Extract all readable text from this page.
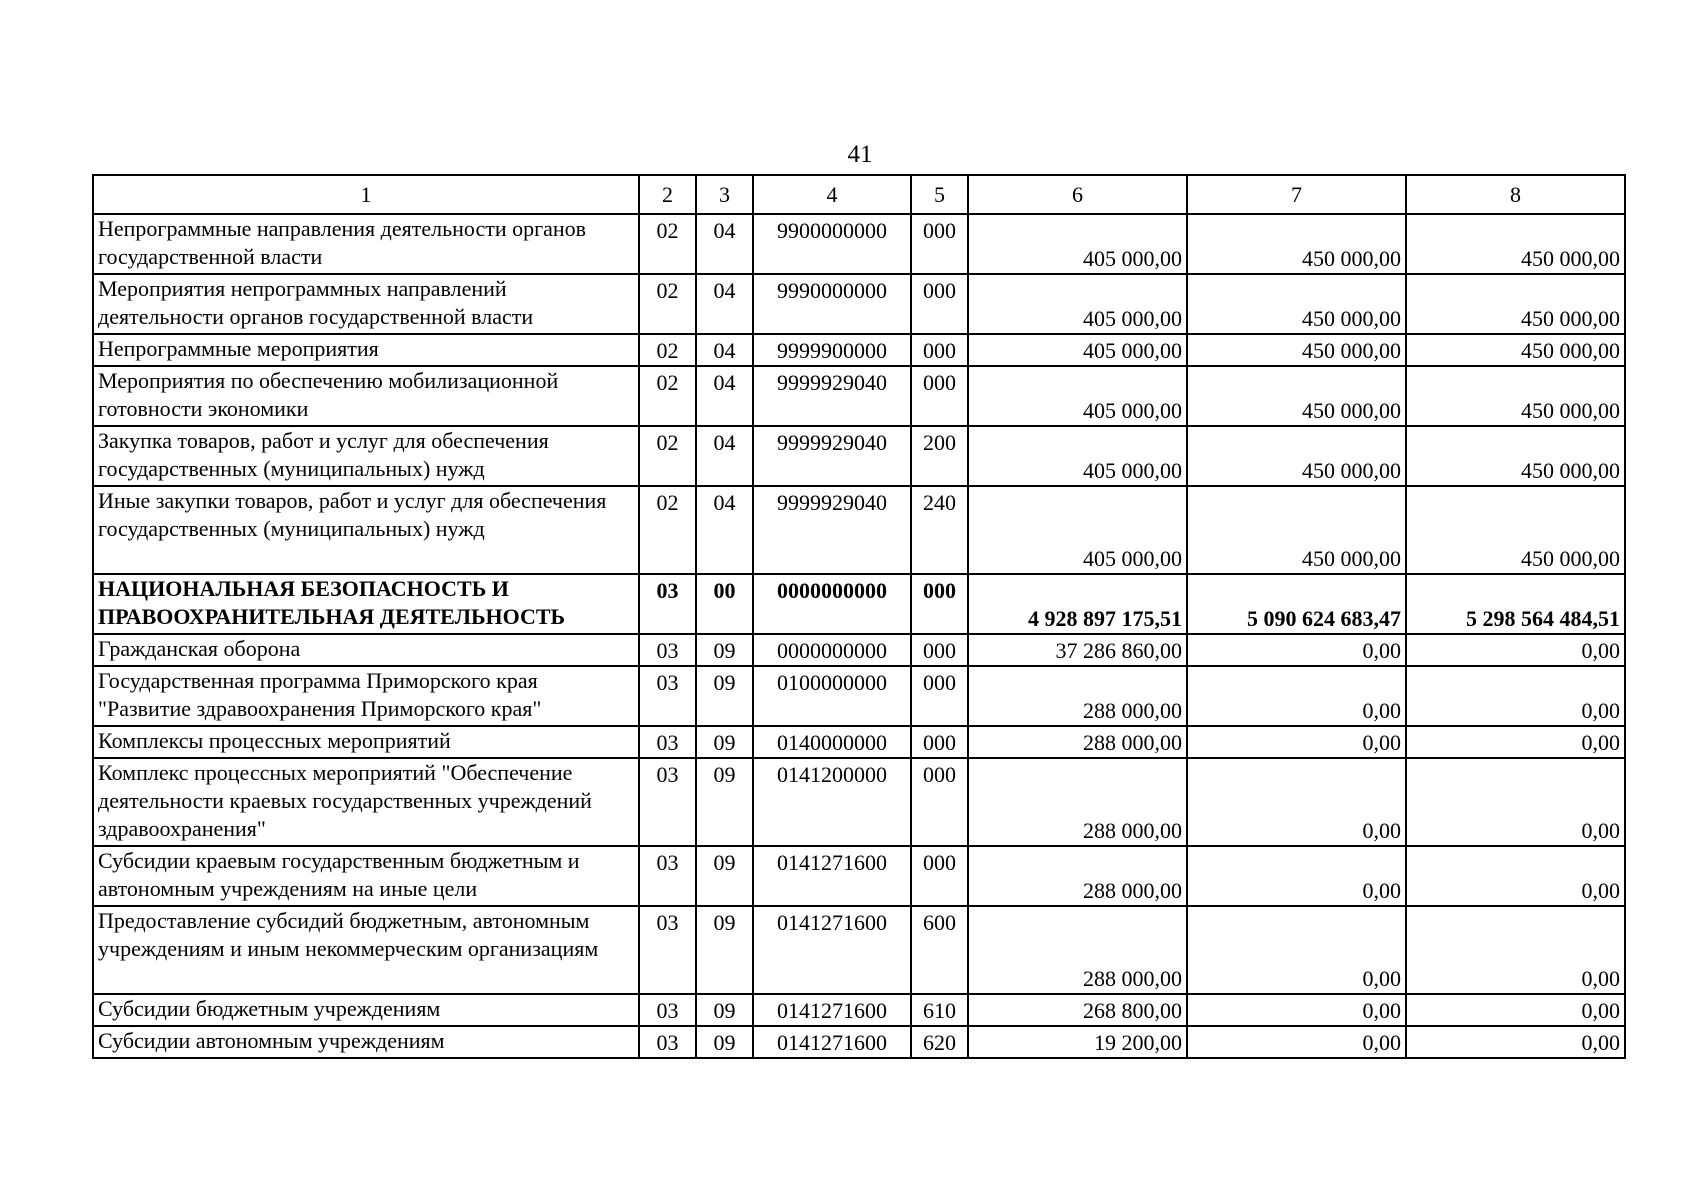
41
1	2	3	4	5	6	7	8
Непрограммные направления деятельности органов государственной власти	02	04	9900000000	000	405 000,00	450 000,00	450 000,00
Мероприятия непрограммных направлений деятельности органов государственной власти	02	04	9990000000	000	405 000,00	450 000,00	450 000,00
Непрограммные мероприятия	02	04	9999900000	000	405 000,00	450 000,00	450 000,00
Мероприятия по обеспечению мобилизационной готовности экономики	02	04	9999929040	000	405 000,00	450 000,00	450 000,00
Закупка товаров, работ и услуг для обеспечения государственных (муниципальных) нужд	02	04	9999929040	200	405 000,00	450 000,00	450 000,00
Иные закупки товаров, работ и услуг для обеспечения государственных (муниципальных) нужд	02	04	9999929040	240	405 000,00	450 000,00	450 000,00
НАЦИОНАЛЬНАЯ БЕЗОПАСНОСТЬ И ПРАВООХРАНИТЕЛЬНАЯ ДЕЯТЕЛЬНОСТЬ	03	00	0000000000	000	4 928 897 175,51	5 090 624 683,47	5 298 564 484,51
Гражданская оборона	03	09	0000000000	000	37 286 860,00	0,00	0,00
Государственная программа Приморского края "Развитие здравоохранения Приморского края"	03	09	0100000000	000	288 000,00	0,00	0,00
Комплексы процессных мероприятий	03	09	0140000000	000	288 000,00	0,00	0,00
Комплекс процессных мероприятий "Обеспечение деятельности краевых государственных учреждений здравоохранения"	03	09	0141200000	000	288 000,00	0,00	0,00
Субсидии краевым государственным бюджетным и автономным учреждениям на иные цели	03	09	0141271600	000	288 000,00	0,00	0,00
Предоставление субсидий бюджетным, автономным учреждениям и иным некоммерческим организациям	03	09	0141271600	600	288 000,00	0,00	0,00
Субсидии бюджетным учреждениям	03	09	0141271600	610	268 800,00	0,00	0,00
Субсидии автономным учреждениям	03	09	0141271600	620	19 200,00	0,00	0,00
